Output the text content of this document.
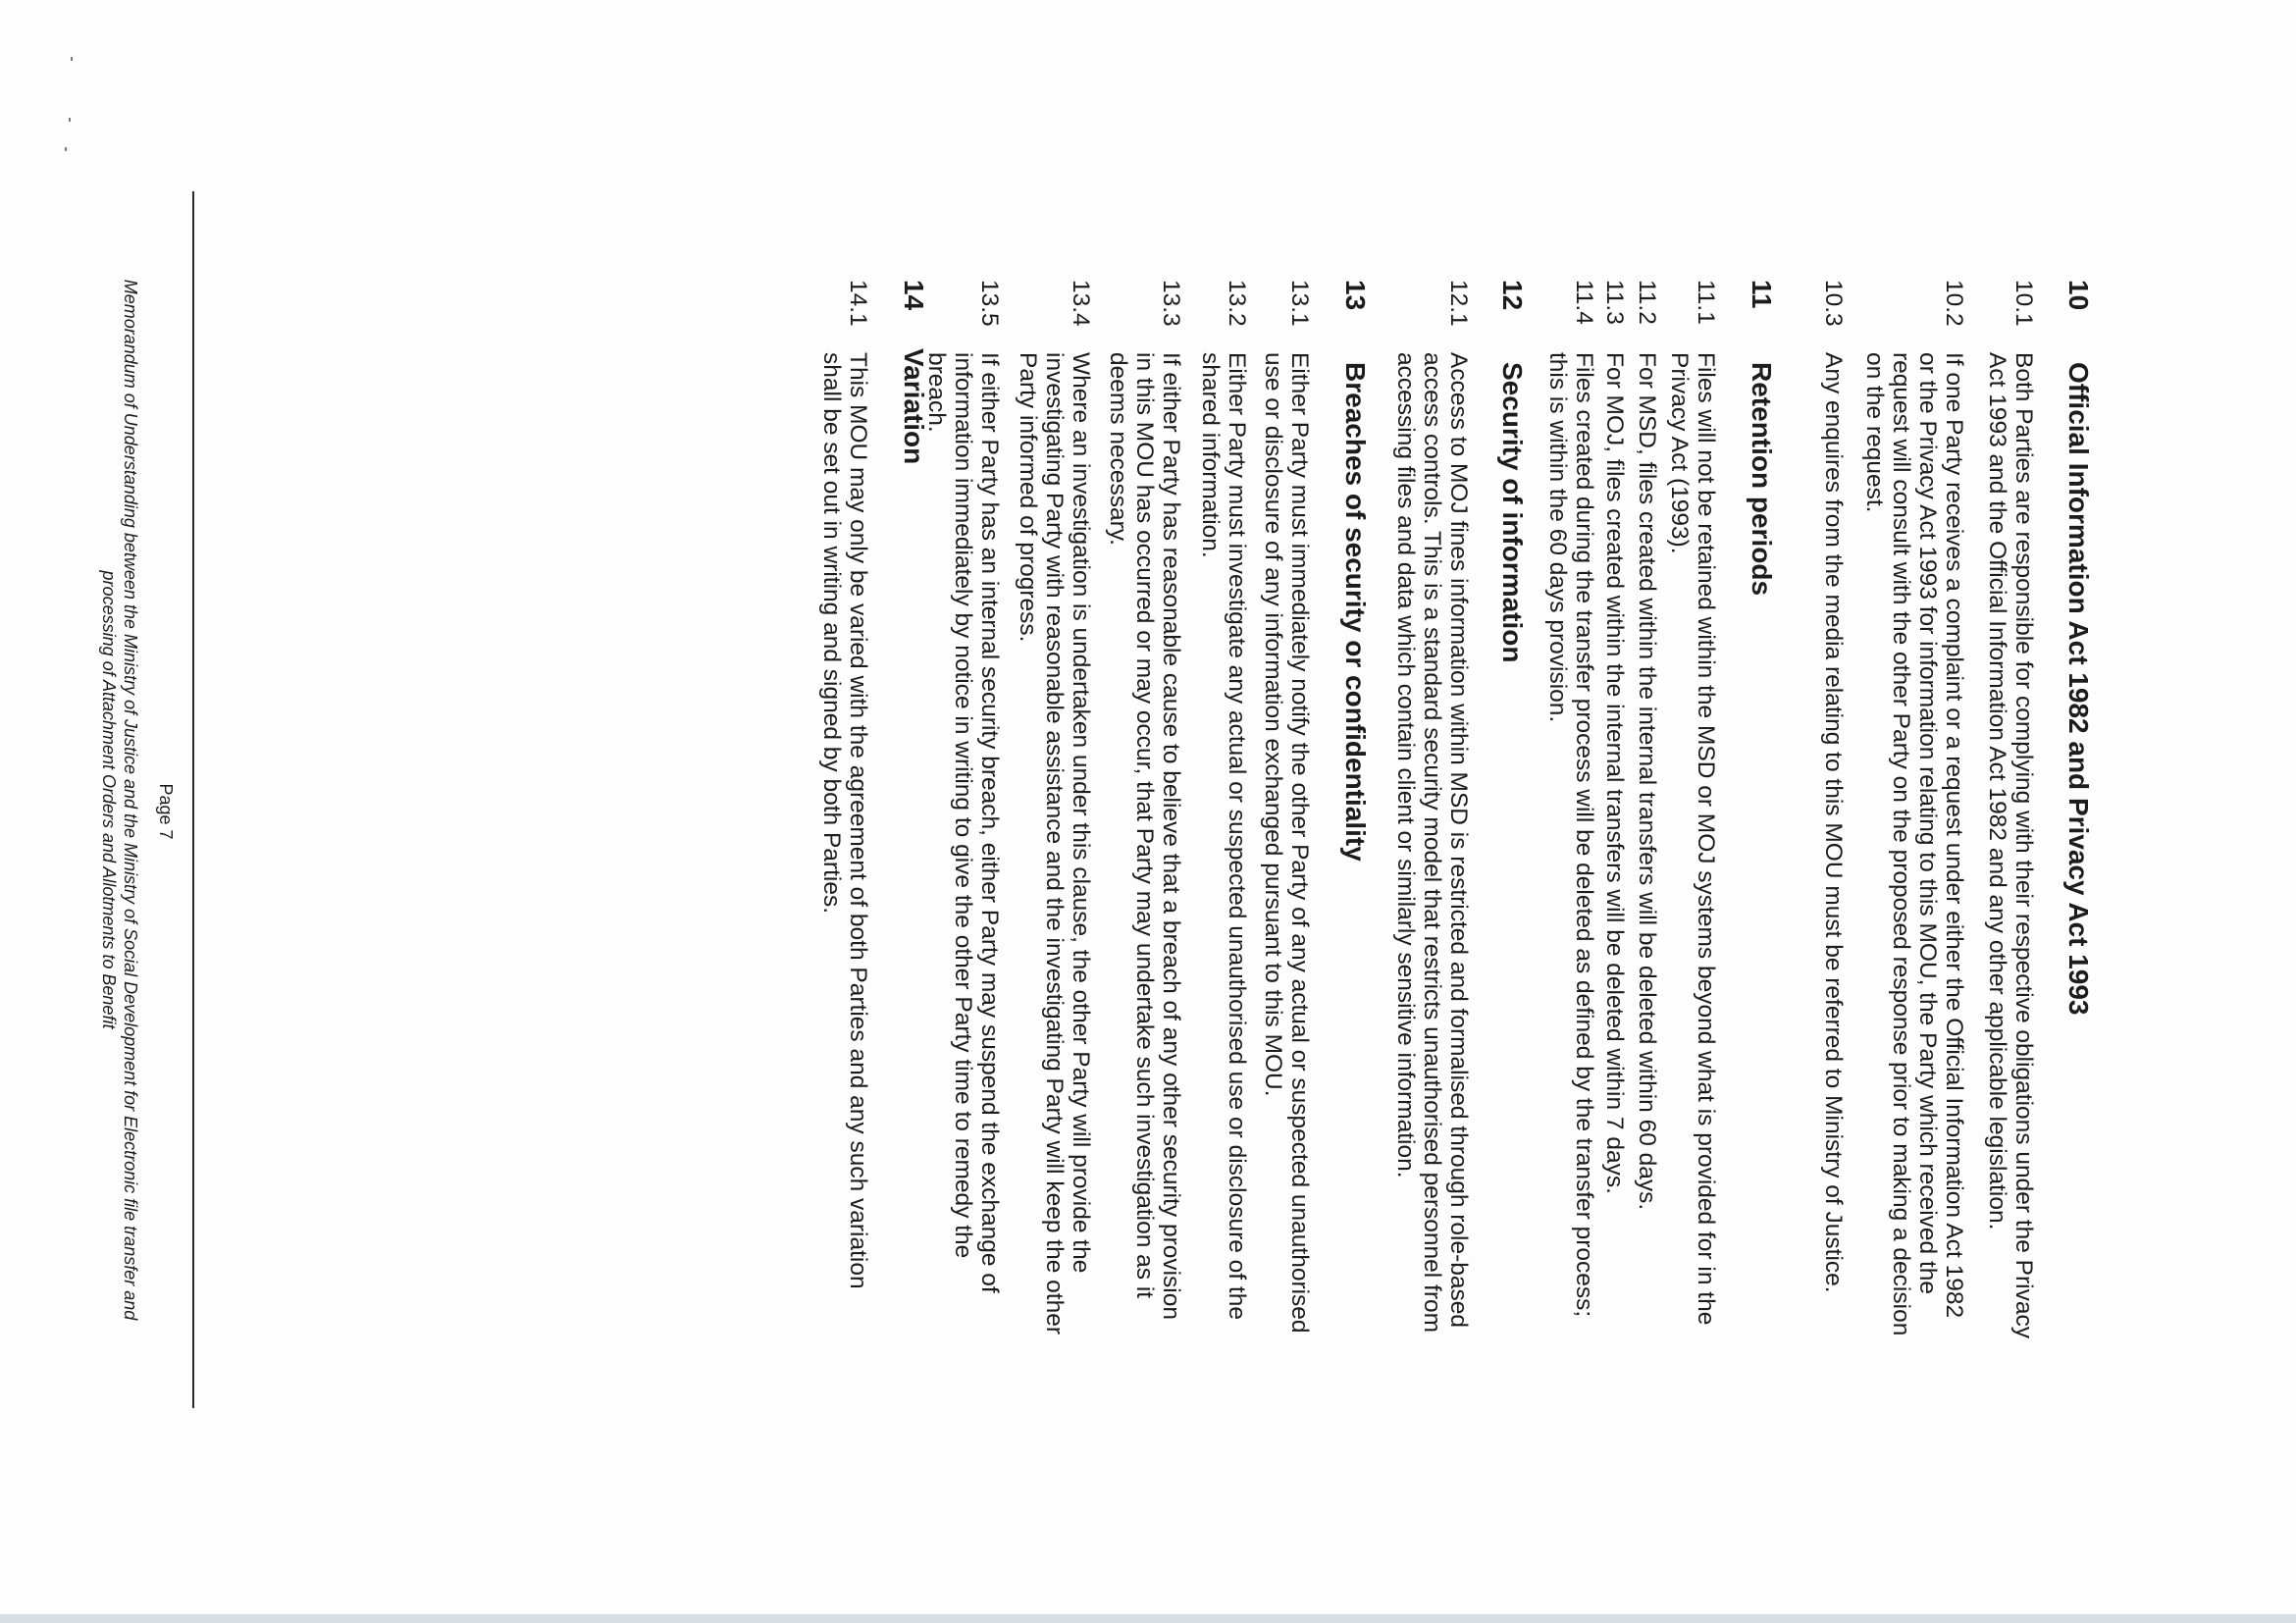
10
Official Information Act 1982 and Privacy Act 1993
10.1
Both Parties are responsible for complying with their respective obligations under the Privacy Act 1993 and the Official Information Act 1982 and any other applicable legislation.
10.2
If one Party receives a complaint or a request under either the Official Information Act 1982 or the Privacy Act 1993 for information relating to this MOU, the Party which received the request will consult with the other Party on the proposed response prior to making a decision on the request.
10.3
Any enquires from the media relating to this MOU must be referred to Ministry of Justice.
11
Retention periods
11.1
Files will not be retained within the MSD or MOJ systems beyond what is provided for in the Privacy Act (1993).
11.2
For MSD, files created within the internal transfers will be deleted within 60 days.
11.3
For MOJ, files created within the internal transfers will be deleted within 7 days.
11.4
Files created during the transfer process will be deleted as defined by the transfer process; this is within the 60 days provision.
12
Security of information
12.1
Access to MOJ fines information within MSD is restricted and formalised through role-based access controls. This is a standard security model that restricts unauthorised personnel from accessing files and data which contain client or similarly sensitive information.
13
Breaches of security or confidentiality
13.1
Either Party must immediately notify the other Party of any actual or suspected unauthorised use or disclosure of any information exchanged pursuant to this MOU.
13.2
Either Party must investigate any actual or suspected unauthorised use or disclosure of the shared information.
13.3
If either Party has reasonable cause to believe that a breach of any other security provision in this MOU has occurred or may occur, that Party may undertake such investigation as it deems necessary.
13.4
Where an investigation is undertaken under this clause, the other Party will provide the investigating Party with reasonable assistance and the investigating Party will keep the other Party informed of progress.
13.5
If either Party has an internal security breach, either Party may suspend the exchange of information immediately by notice in writing to give the other Party time to remedy the breach.
14
Variation
14.1
This MOU may only be varied with the agreement of both Parties and any such variation shall be set out in writing and signed by both Parties.
Page 7
Memorandum of Understanding between the Ministry of Justice and the Ministry of Social Development for Electronic file transfer and processing of Attachment Orders and Allotments to Benefit
